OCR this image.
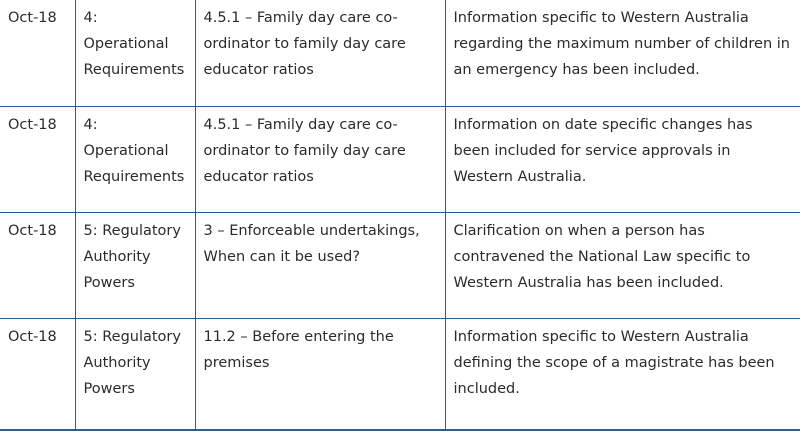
Oct-18	4: Operational Requirements	4.5.1 – Family day care co-ordinator to family day care educator ratios	Information specific to Western Australia regarding the maximum number of children in an emergency has been included.
Oct-18	4: Operational Requirements	4.5.1 – Family day care co-ordinator to family day care educator ratios	Information on date specific changes has been included for service approvals in Western Australia.
Oct-18	5: Regulatory Authority Powers	3 – Enforceable undertakings, When can it be used?	Clarification on when a person has contravened the National Law specific to Western Australia has been included.
Oct-18	5: Regulatory Authority Powers	11.2 – Before entering the premises	Information specific to Western Australia defining the scope of a magistrate has been included.
